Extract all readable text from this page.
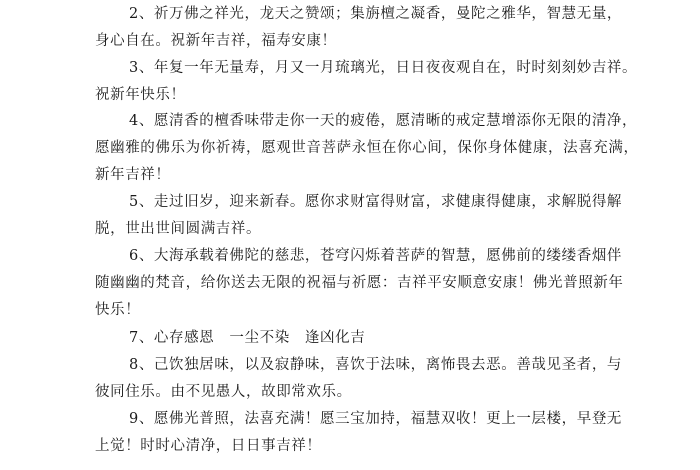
2、祈万佛之祥光，龙天之赞颂；集旃檀之凝香，曼陀之雅华，智慧无量，
身心自在。祝新年吉祥，福寿安康！

3、年复一年无量寿，月又一月琉璃光，日日夜夜观自在，时时刻刻妙吉祥。
祝新年快乐！

4、愿清香的檀香味带走你一天的疲倦，愿清晰的戒定慧增添你无限的清净，
愿幽雅的佛乐为你祈祷，愿观世音菩萨永恒在你心间，保你身体健康，法喜充满，
新年吉祥！

5、走过旧岁，迎来新春。愿你求财富得财富，求健康得健康，求解脱得解
脱，世出世间圆满吉祥。

6、大海承载着佛陀的慈悲，苍穹闪烁着菩萨的智慧，愿佛前的缕缕香烟伴
随幽幽的梵音，给你送去无限的祝福与祈愿：吉祥平安顺意安康！佛光普照新年
快乐！

7、心存感恩　一尘不染　逢凶化吉

8、己饮独居味，以及寂静味，喜饮于法味，离怖畏去恶。善哉见圣者，与
彼同住乐。由不见愚人，故即常欢乐。

9、愿佛光普照，法喜充满！愿三宝加持，福慧双收！更上一层楼，早登无
上觉！时时心清净，日日事吉祥！
